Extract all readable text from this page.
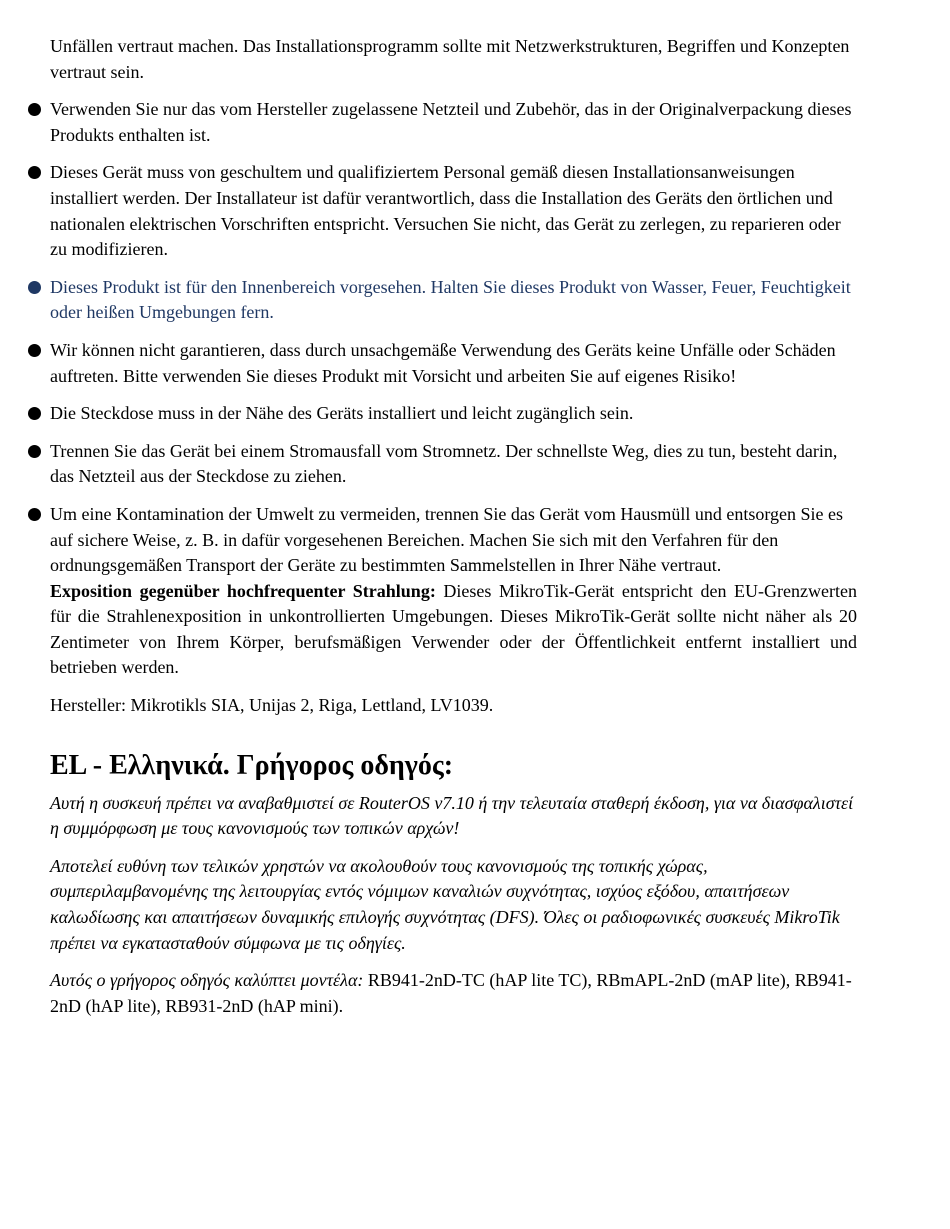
Unfällen vertraut machen. Das Installationsprogramm sollte mit Netzwerkstrukturen, Begriffen und Konzepten vertraut sein.

Verwenden Sie nur das vom Hersteller zugelassene Netzteil und Zubehör, das in der Originalverpackung dieses Produkts enthalten ist.
Dieses Gerät muss von geschultem und qualifiziertem Personal gemäß diesen Installationsanweisungen installiert werden. Der Installateur ist dafür verantwortlich, dass die Installation des Geräts den örtlichen und nationalen elektrischen Vorschriften entspricht. Versuchen Sie nicht, das Gerät zu zerlegen, zu reparieren oder zu modifizieren.
Dieses Produkt ist für den Innenbereich vorgesehen. Halten Sie dieses Produkt von Wasser, Feuer, Feuchtigkeit oder heißen Umgebungen fern.
Wir können nicht garantieren, dass durch unsachgemäße Verwendung des Geräts keine Unfälle oder Schäden auftreten. Bitte verwenden Sie dieses Produkt mit Vorsicht und arbeiten Sie auf eigenes Risiko!
Die Steckdose muss in der Nähe des Geräts installiert und leicht zugänglich sein.
Trennen Sie das Gerät bei einem Stromausfall vom Stromnetz. Der schnellste Weg, dies zu tun, besteht darin, das Netzteil aus der Steckdose zu ziehen.
Um eine Kontamination der Umwelt zu vermeiden, trennen Sie das Gerät vom Hausmüll und entsorgen Sie es auf sichere Weise, z. B. in dafür vorgesehenen Bereichen. Machen Sie sich mit den Verfahren für den ordnungsgemäßen Transport der Geräte zu bestimmten Sammelstellen in Ihrer Nähe vertraut.

Exposition gegenüber hochfrequenter Strahlung: Dieses MikroTik-Gerät entspricht den EU-Grenzwerten für die Strahlenexposition in unkontrollierten Umgebungen. Dieses MikroTik-Gerät sollte nicht näher als 20 Zentimeter von Ihrem Körper, berufsmäßigen Verwender oder der Öffentlichkeit entfernt installiert und betrieben werden.

Hersteller: Mikrotikls SIA, Unijas 2, Riga, Lettland, LV1039.

EL - Ελληνικά. Γρήγορος οδηγός:

Αυτή η συσκευή πρέπει να αναβαθμιστεί σε RouterOS v7.10 ή την τελευταία σταθερή έκδοση, για να διασφαλιστεί η συμμόρφωση με τους κανονισμούς των τοπικών αρχών!

Αποτελεί ευθύνη των τελικών χρηστών να ακολουθούν τους κανονισμούς της τοπικής χώρας, συμπεριλαμβανομένης της λειτουργίας εντός νόμιμων καναλιών συχνότητας, ισχύος εξόδου, απαιτήσεων καλωδίωσης και απαιτήσεων δυναμικής επιλογής συχνότητας (DFS). Όλες οι ραδιοφωνικές συσκευές MikroTik πρέπει να εγκατασταθούν σύμφωνα με τις οδηγίες.

Αυτός ο γρήγορος οδηγός καλύπτει μοντέλα: RB941-2nD-TC (hAP lite TC), RBmAPL-2nD (mAP lite), RB941-2nD (hAP lite), RB931-2nD (hAP mini).
